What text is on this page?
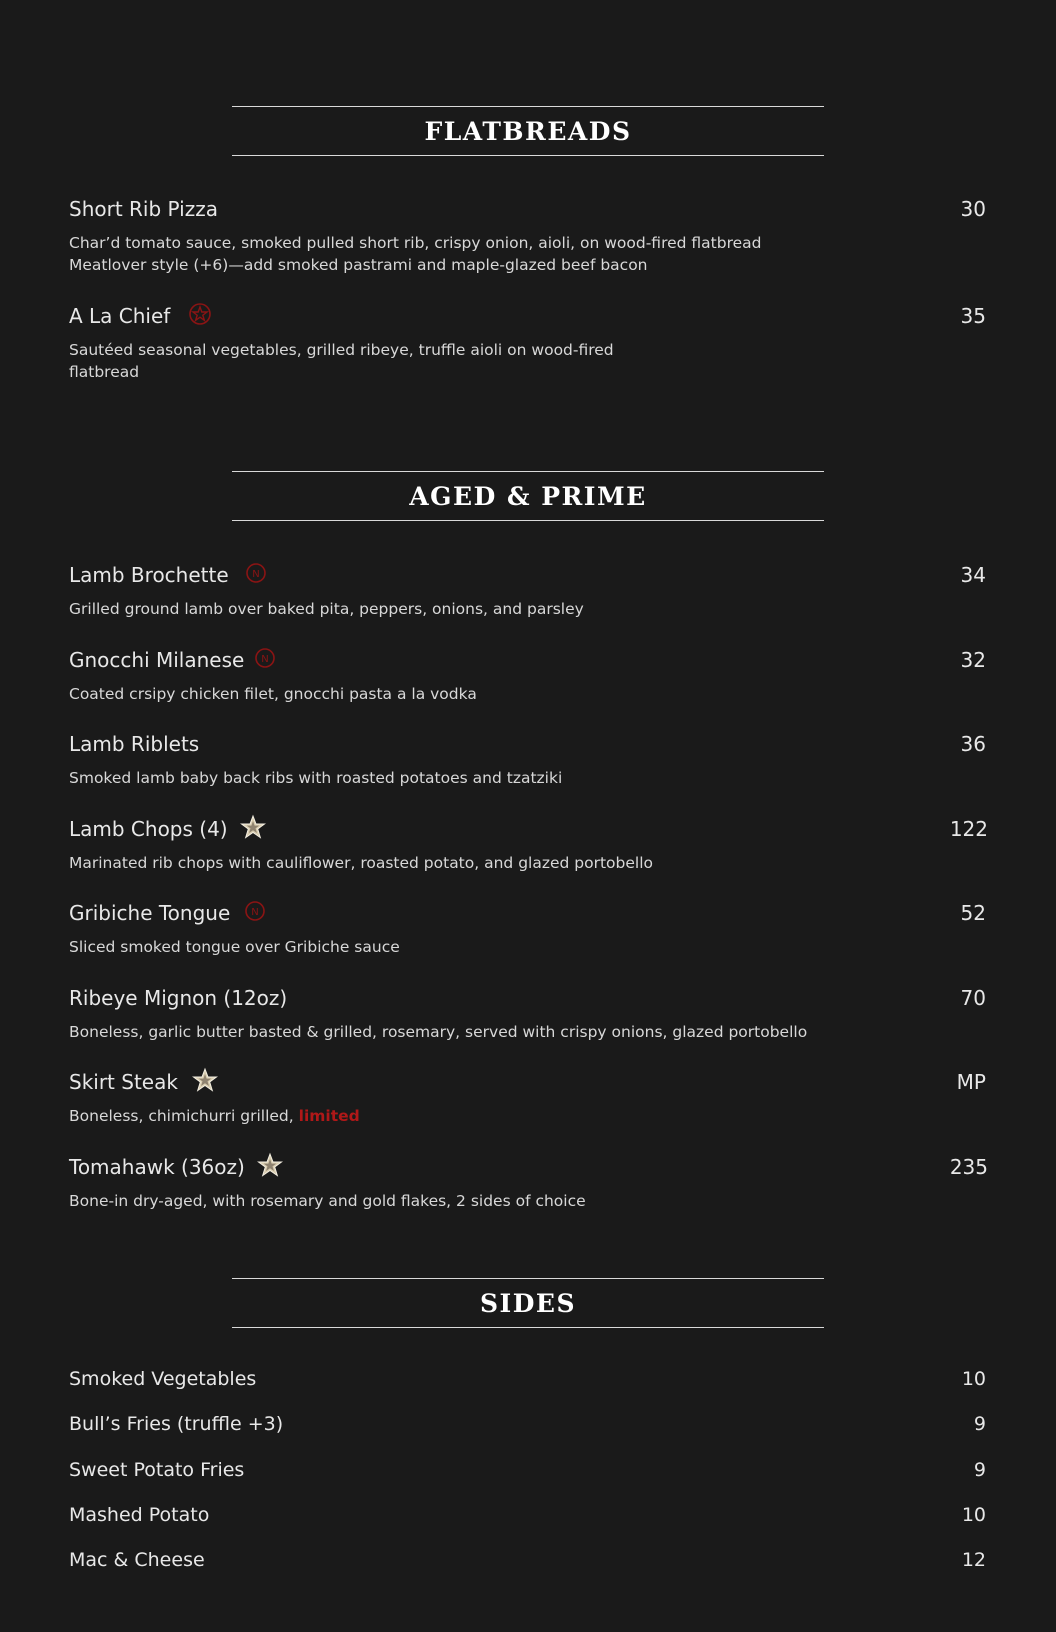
FLATBREADS
Short Rib Pizza	30
Char’d tomato sauce, smoked pulled short rib, crispy onion, aioli, on wood-fired flatbread
Meatlover style (+6)—add smoked pastrami and maple-glazed beef bacon
A La Chief	35
Sautéed seasonal vegetables, grilled ribeye, truffle aioli on wood-fired flatbread
AGED & PRIME
Lamb Brochette N	34
Grilled ground lamb over baked pita, peppers, onions, and parsley
Gnocchi Milanese N	32
Coated crsipy chicken filet, gnocchi pasta a la vodka
Lamb Riblets	36
Smoked lamb baby back ribs with roasted potatoes and tzatziki
Lamb Chops (4)	122
Marinated rib chops with cauliflower, roasted potato, and glazed portobello
Gribiche Tongue N	52
Sliced smoked tongue over Gribiche sauce
Ribeye Mignon (12oz)	70
Boneless, garlic butter basted & grilled, rosemary, served with crispy onions, glazed portobello
Skirt Steak	MP
Boneless, chimichurri grilled, limited
Tomahawk (36oz)	235
Bone-in dry-aged, with rosemary and gold flakes, 2 sides of choice
SIDES
Smoked Vegetables	10
Bull’s Fries (truffle +3)	9
Sweet Potato Fries	9
Mashed Potato	10
Mac & Cheese	12
